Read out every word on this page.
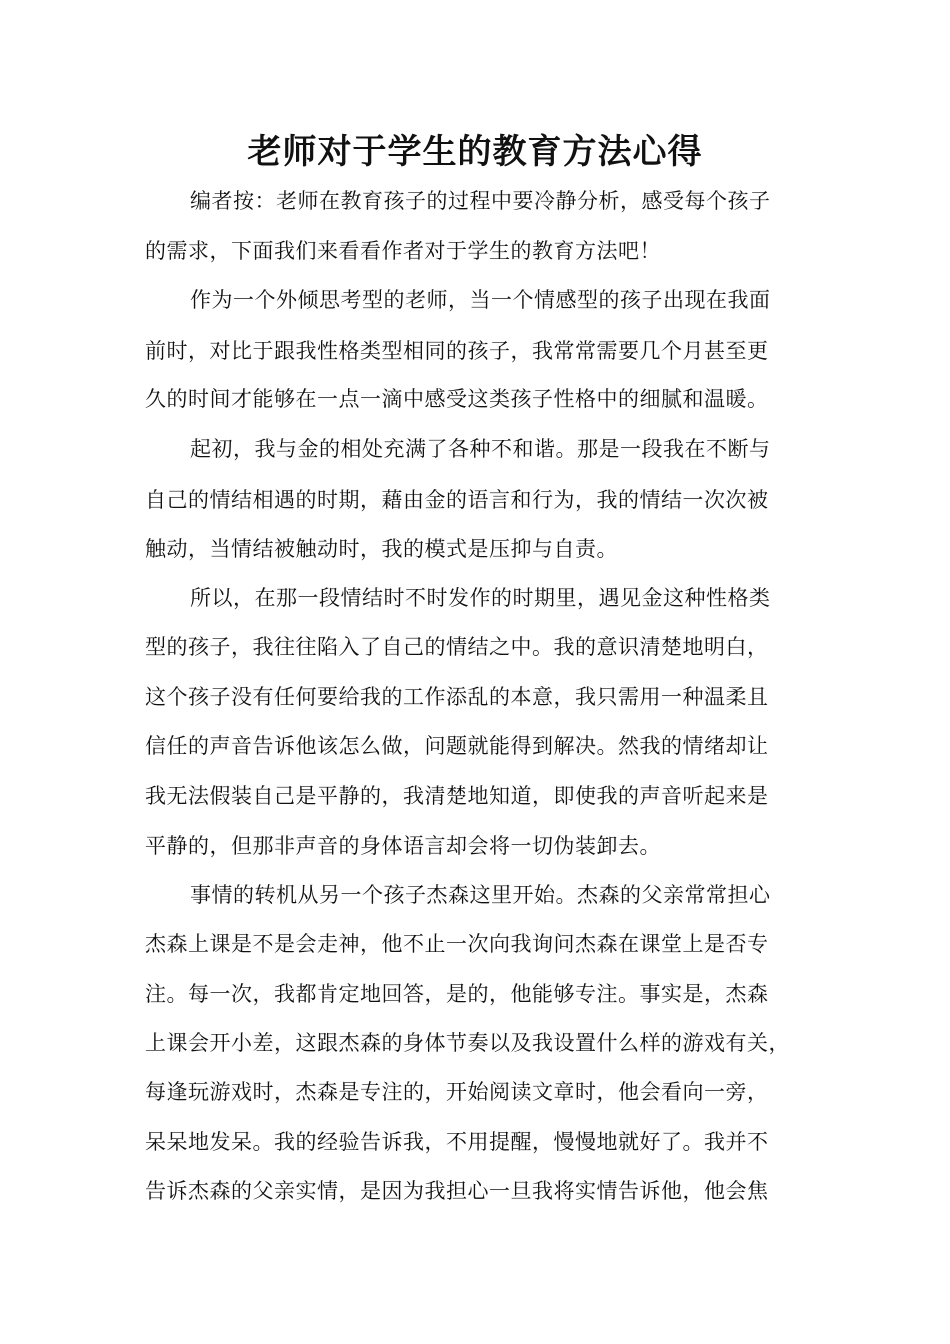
老师对于学生的教育方法心得
编者按：老师在教育孩子的过程中要冷静分析，感受每个孩子
的需求，下面我们来看看作者对于学生的教育方法吧！
作为一个外倾思考型的老师，当一个情感型的孩子出现在我面
前时，对比于跟我性格类型相同的孩子，我常常需要几个月甚至更
久的时间才能够在一点一滴中感受这类孩子性格中的细腻和温暖。
起初，我与金的相处充满了各种不和谐。那是一段我在不断与
自己的情结相遇的时期，藉由金的语言和行为，我的情结一次次被
触动，当情结被触动时，我的模式是压抑与自责。
所以，在那一段情结时不时发作的时期里，遇见金这种性格类
型的孩子，我往往陷入了自己的情结之中。我的意识清楚地明白，
这个孩子没有任何要给我的工作添乱的本意，我只需用一种温柔且
信任的声音告诉他该怎么做，问题就能得到解决。然我的情绪却让
我无法假装自己是平静的，我清楚地知道，即使我的声音听起来是
平静的，但那非声音的身体语言却会将一切伪装卸去。
事情的转机从另一个孩子杰森这里开始。杰森的父亲常常担心
杰森上课是不是会走神，他不止一次向我询问杰森在课堂上是否专
注。每一次，我都肯定地回答，是的，他能够专注。事实是，杰森
上课会开小差，这跟杰森的身体节奏以及我设置什么样的游戏有关，
每逢玩游戏时，杰森是专注的，开始阅读文章时，他会看向一旁，
呆呆地发呆。我的经验告诉我，不用提醒，慢慢地就好了。我并不
告诉杰森的父亲实情，是因为我担心一旦我将实情告诉他，他会焦
